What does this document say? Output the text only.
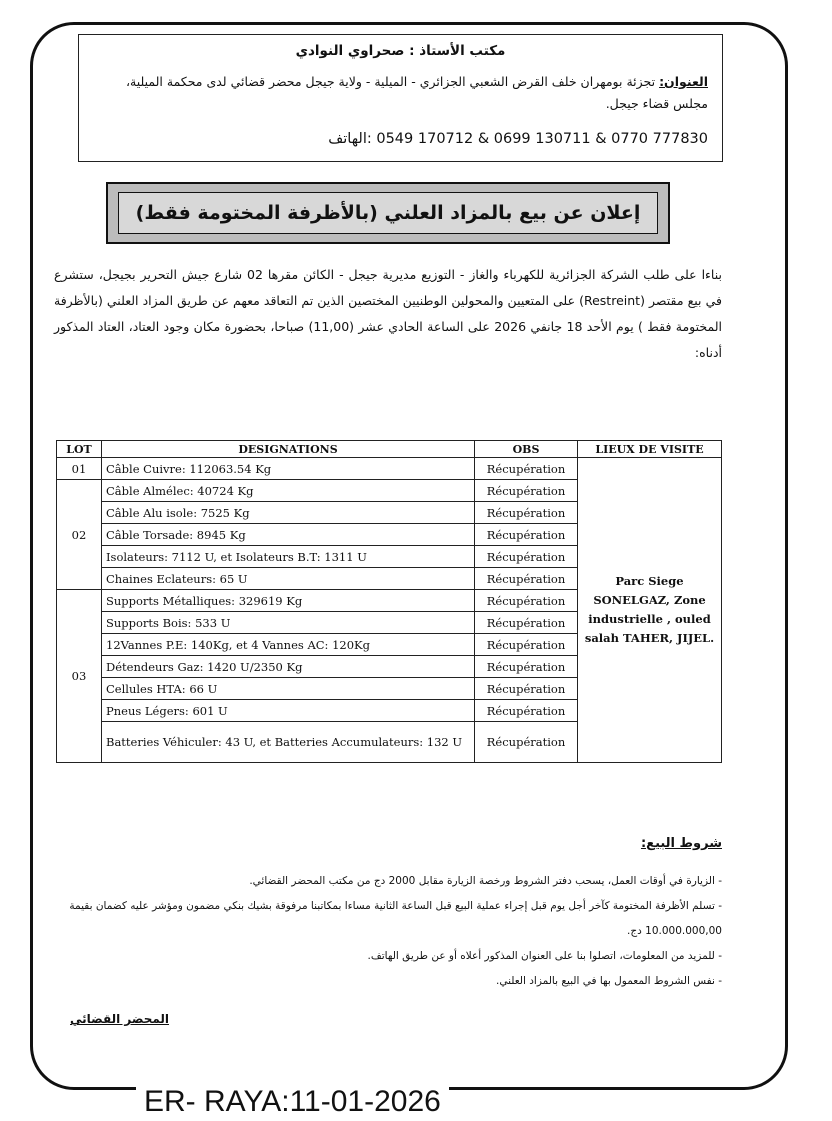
مكتب الأستاذ : صحراوي النوادي
العنوان: تجزئة بومهران خلف القرض الشعبي الجزائري - الميلية - ولاية جيجل محضر قضائي لدى محكمة الميلية، مجلس قضاء جيجل.
الهاتف: 0549 170712 & 0699 130711 & 0770 777830
إعلان عن بيع بالمزاد العلني (بالأظرفة المختومة فقط)
بناءا على طلب الشركة الجزائرية للكهرباء والغاز - التوزيع مديرية جيجل - الكائن مقرها 02 شارع جيش التحرير بجيجل، ستشرع في بيع مقتصر (Restreint) على المتعيين والمحولين الوطنيين المختصين الذين تم التعاقد معهم عن طريق المزاد العلني (بالأظرفة المختومة فقط ) يوم الأحد 18 جانفي 2026 على الساعة الحادي عشر (11,00) صباحا، بحضورة مكان وجود العتاد، العتاد المذكور أدناه:
LOT	DESIGNATIONS	OBS	LIEUX DE VISITE
01	Câble Cuivre: 112063.54 Kg	Récupération	Parc Siege SONELGAZ, Zone industrielle , ouled salah TAHER, JIJEL.
02	Câble Almélec: 40724 Kg	Récupération	
	Câble Alu isole: 7525 Kg	Récupération	
	Câble Torsade: 8945 Kg	Récupération	
	Isolateurs: 7112 U, et Isolateurs B.T: 1311 U	Récupération	
	Chaines Eclateurs: 65 U	Récupération	
03	Supports Métalliques: 329619 Kg	Récupération	
	Supports Bois: 533 U	Récupération	
	12Vannes P.E: 140Kg, et 4 Vannes AC: 120Kg	Récupération	
	Détendeurs Gaz: 1420 U/2350 Kg	Récupération	
	Cellules HTA: 66 U	Récupération	
	Pneus Légers: 601 U	Récupération	
	Batteries Véhiculer: 43 U, et Batteries Accumulateurs: 132 U	Récupération	
شروط البيع:
- الزيارة في أوقات العمل، يسحب دفتر الشروط ورخصة الزيارة مقابل 2000 دج من مكتب المحضر القضائي.
- تسلم الأظرفة المختومة كآخر أجل يوم قبل إجراء عملية البيع قبل الساعة الثانية مساءا بمكاتبنا مرفوقة بشيك بنكي مضمون ومؤشر عليه كضمان بقيمة 10.000.000,00 دج.
- للمزيد من المعلومات، اتصلوا بنا على العنوان المذكور أعلاه أو عن طريق الهاتف.
- نفس الشروط المعمول بها في البيع بالمزاد العلني.
المحضر القضائي
ER- RAYA:11-01-2026
